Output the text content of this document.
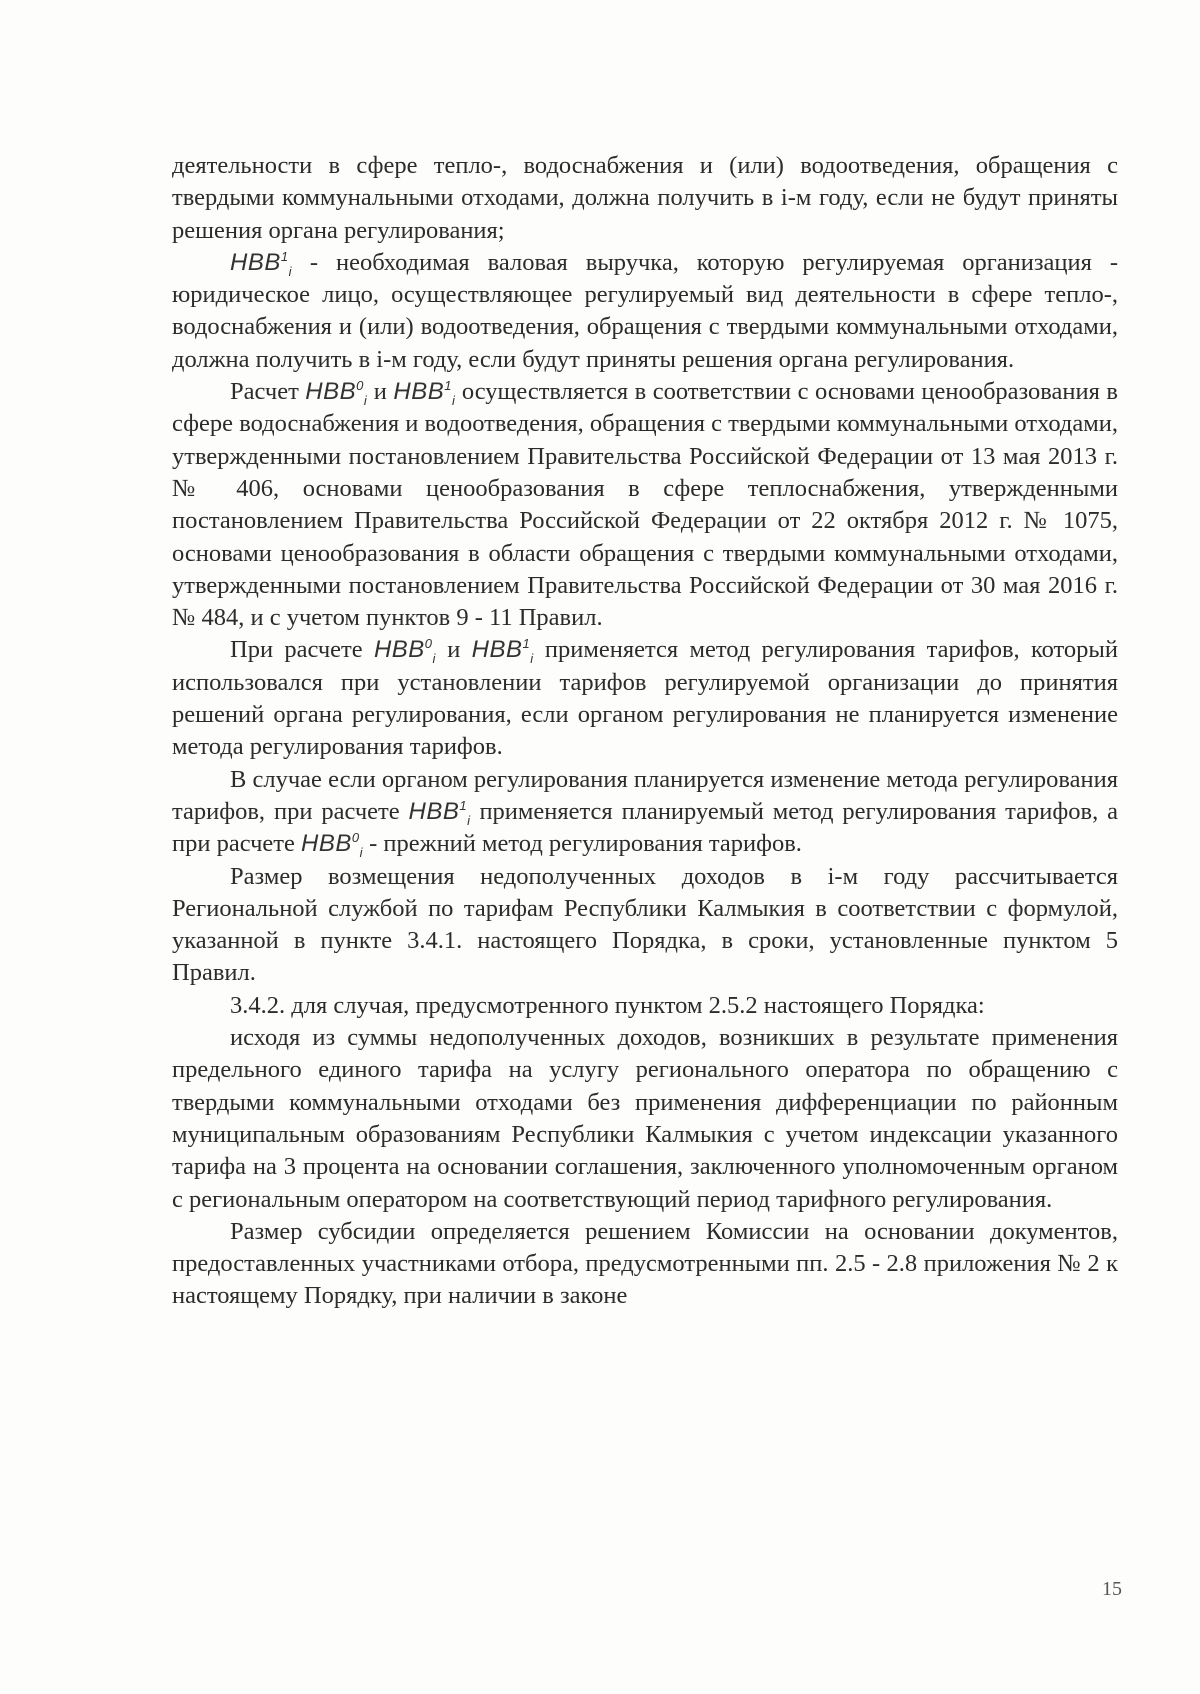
деятельности в сфере тепло-, водоснабжения и (или) водоотведения, обращения с твердыми коммунальными отходами, должна получить в i-м году, если не будут приняты решения органа регулирования;

$НВВ^1_i$ - необходимая валовая выручка, которую регулируемая организация - юридическое лицо, осуществляющее регулируемый вид деятельности в сфере тепло-, водоснабжения и (или) водоотведения, обращения с твердыми коммунальными отходами, должна получить в i-м году, если будут приняты решения органа регулирования.

Расчет $НВВ^0_i$ и $НВВ^1_i$ осуществляется в соответствии с основами ценообразования в сфере водоснабжения и водоотведения, обращения с твердыми коммунальными отходами, утвержденными постановлением Правительства Российской Федерации от 13 мая 2013 г. № 406, основами ценообразования в сфере теплоснабжения, утвержденными постановлением Правительства Российской Федерации от 22 октября 2012 г. № 1075, основами ценообразования в области обращения с твердыми коммунальными отходами, утвержденными постановлением Правительства Российской Федерации от 30 мая 2016 г. № 484, и с учетом пунктов 9 - 11 Правил.

При расчете $НВВ^0_i$ и $НВВ^1_i$ применяется метод регулирования тарифов, который использовался при установлении тарифов регулируемой организации до принятия решений органа регулирования, если органом регулирования не планируется изменение метода регулирования тарифов.

В случае если органом регулирования планируется изменение метода регулирования тарифов, при расчете $НВВ^1_i$ применяется планируемый метод регулирования тарифов, а при расчете $НВВ^0_i$ - прежний метод регулирования тарифов.

Размер возмещения недополученных доходов в i-м году рассчитывается Региональной службой по тарифам Республики Калмыкия в соответствии с формулой, указанной в пункте 3.4.1. настоящего Порядка, в сроки, установленные пунктом 5 Правил.

3.4.2. для случая, предусмотренного пунктом 2.5.2 настоящего Порядка:

исходя из суммы недополученных доходов, возникших в результате применения предельного единого тарифа на услугу регионального оператора по обращению с твердыми коммунальными отходами без применения дифференциации по районным муниципальным образованиям Республики Калмыкия с учетом индексации указанного тарифа на 3 процента на основании соглашения, заключенного уполномоченным органом с региональным оператором на соответствующий период тарифного регулирования.

Размер субсидии определяется решением Комиссии на основании документов, предоставленных участниками отбора, предусмотренными пп. 2.5 - 2.8 приложения № 2 к настоящему Порядку, при наличии в законе

15
